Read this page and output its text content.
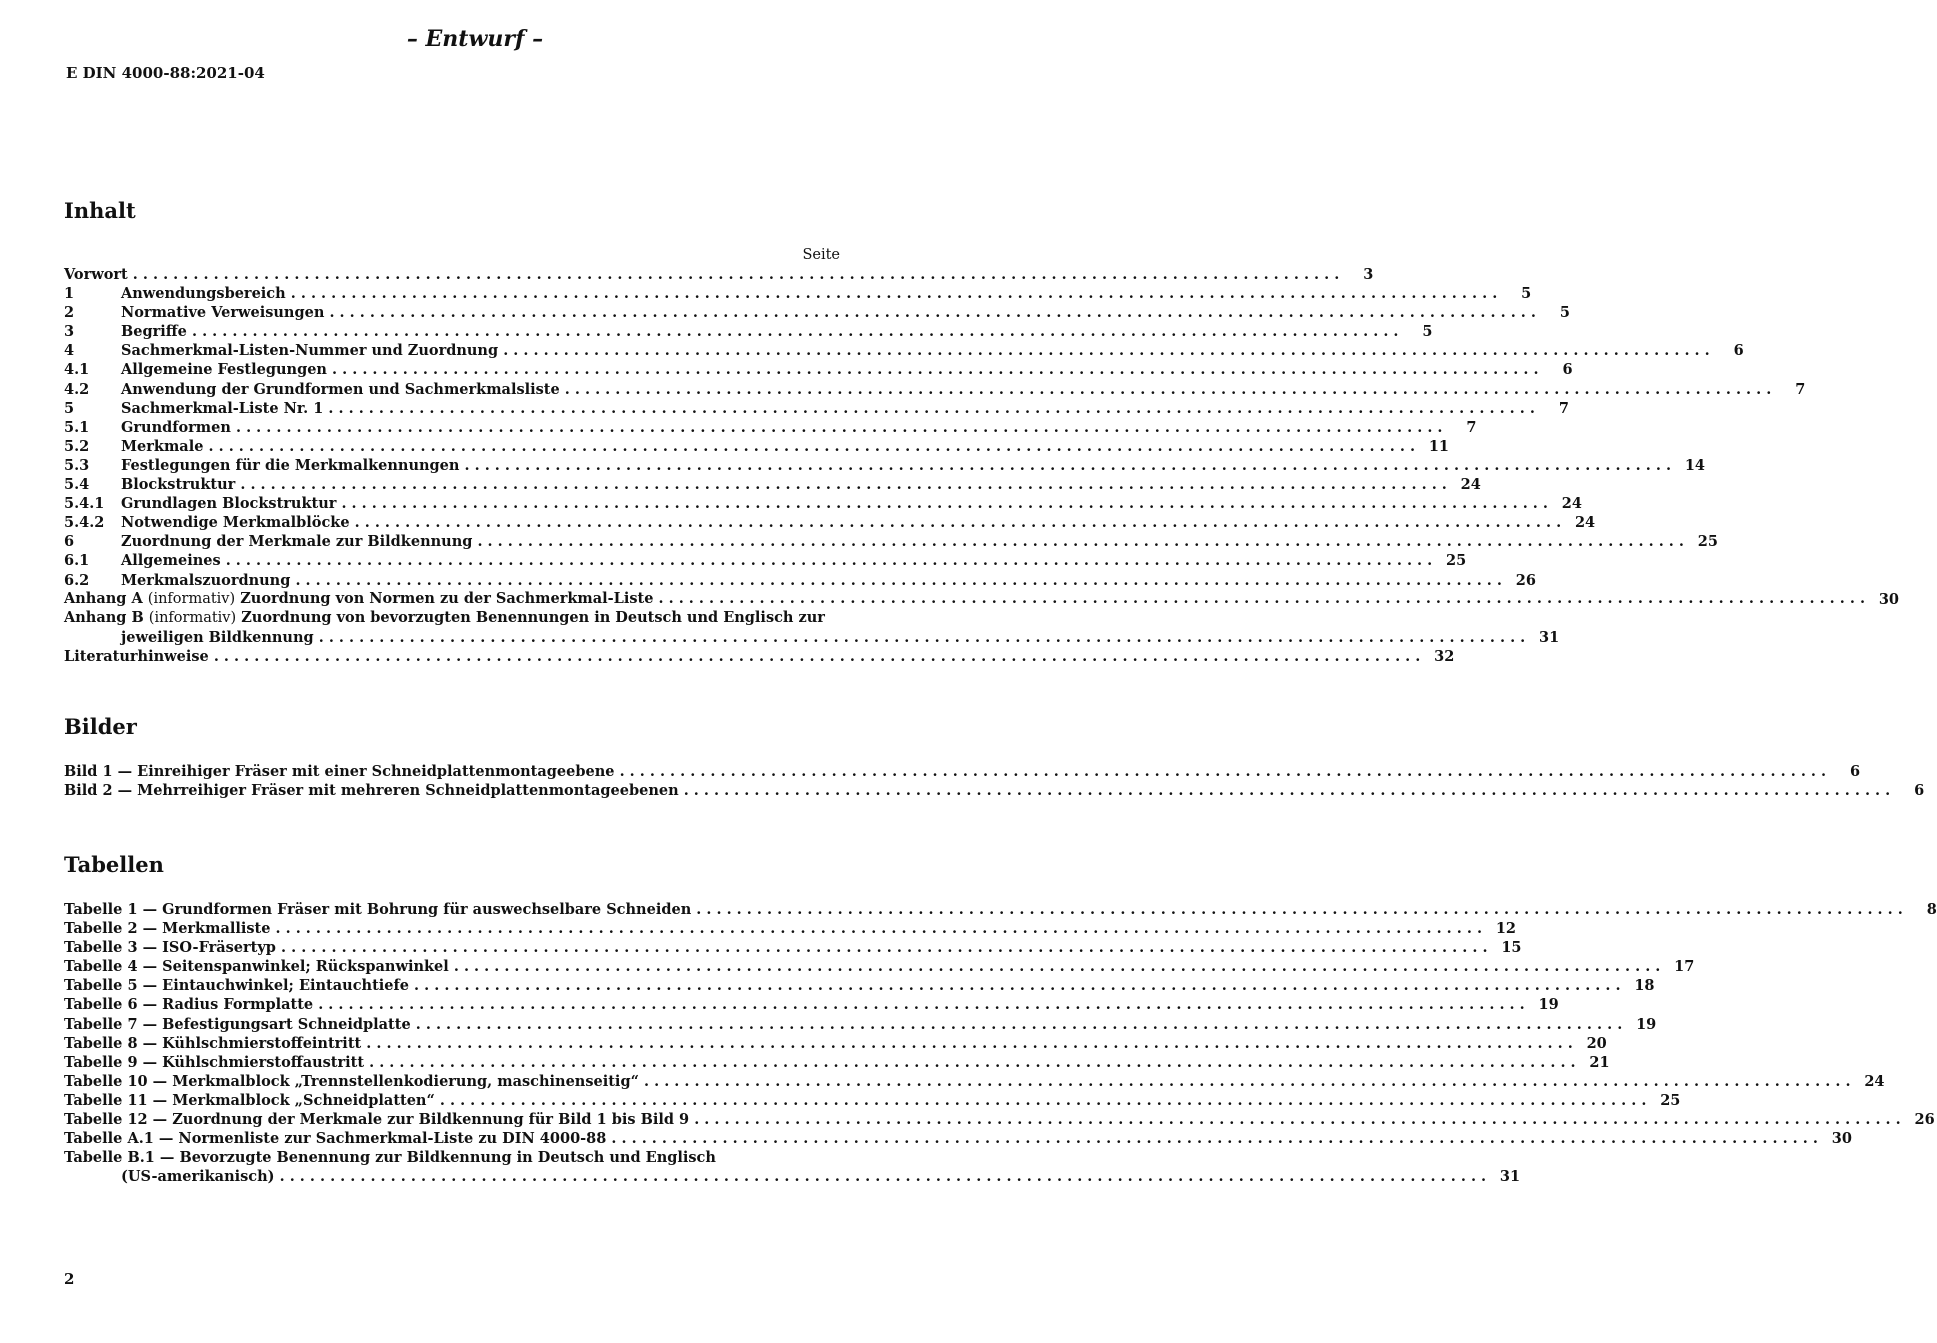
– Entwurf –
E DIN 4000-88:2021-04
Inhalt
Seite
Vorwort . . . . . . . . . . . . . . . . . . . . . . . . . . . . . . . . . . . . . . . . . . . . . . . . . . . . . . . . . . . . . . . . . . . . . . . . . . . . . . . . . . . . . . . . . . . . . . . . . . . . . . . . . . . . . . . . . . . . . . . .	3
1	Anwendungsbereich . . . . . . . . . . . . . . . . . . . . . . . . . . . . . . . . . . . . . . . . . . . . . . . . . . . . . . . . . . . . . . . . . . . . . . . . . . . . . . . . . . . . . . . . . . . . . . . . . . . . . . . . . . . . . . . . . . . . . . . .	5
2	Normative Verweisungen . . . . . . . . . . . . . . . . . . . . . . . . . . . . . . . . . . . . . . . . . . . . . . . . . . . . . . . . . . . . . . . . . . . . . . . . . . . . . . . . . . . . . . . . . . . . . . . . . . . . . . . . . . . . . . . . . . . . . . . .	5
3	Begriffe . . . . . . . . . . . . . . . . . . . . . . . . . . . . . . . . . . . . . . . . . . . . . . . . . . . . . . . . . . . . . . . . . . . . . . . . . . . . . . . . . . . . . . . . . . . . . . . . . . . . . . . . . . . . . . . . . . . . . . . .	5
4	Sachmerkmal-Listen-Nummer und Zuordnung . . . . . . . . . . . . . . . . . . . . . . . . . . . . . . . . . . . . . . . . . . . . . . . . . . . . . . . . . . . . . . . . . . . . . . . . . . . . . . . . . . . . . . . . . . . . . . . . . . . . . . . . . . . . . . . . . . . . . . . .	6
4.1 Allgemeine Festlegungen . . . . . . . . . . . . . . . . . . . . . . . . . . . . . . . . . . . . . . . . . . . . . . . . . . . . . . . . . . . . . . . . . . . . . . . . . . . . . . . . . . . . . . . . . . . . . . . . . . . . . . . . . . . . . . . . . . . . . . . .	6
4.2 Anwendung der Grundformen und Sachmerkmalsliste . . . . . . . . . . . . . . . . . . . . . . . . . . . . . . . . . . . . . . . . . . . . . . . . . . . . . . . . . . . . . . . . . . . . . . . . . . . . . . . . . . . . . . . . . . . . . . . . . . . . . . . . . . . . . . . . . . . . . . . .	7
5	Sachmerkmal-Liste Nr. 1 . . . . . . . . . . . . . . . . . . . . . . . . . . . . . . . . . . . . . . . . . . . . . . . . . . . . . . . . . . . . . . . . . . . . . . . . . . . . . . . . . . . . . . . . . . . . . . . . . . . . . . . . . . . . . . . . . . . . . . . .	7
5.1 Grundformen . . . . . . . . . . . . . . . . . . . . . . . . . . . . . . . . . . . . . . . . . . . . . . . . . . . . . . . . . . . . . . . . . . . . . . . . . . . . . . . . . . . . . . . . . . . . . . . . . . . . . . . . . . . . . . . . . . . . . . . .	7
5.2 Merkmale . . . . . . . . . . . . . . . . . . . . . . . . . . . . . . . . . . . . . . . . . . . . . . . . . . . . . . . . . . . . . . . . . . . . . . . . . . . . . . . . . . . . . . . . . . . . . . . . . . . . . . . . . . . . . . . . . . . . . . . . 11
5.3 Festlegungen für die Merkmalkennungen . . . . . . . . . . . . . . . . . . . . . . . . . . . . . . . . . . . . . . . . . . . . . . . . . . . . . . . . . . . . . . . . . . . . . . . . . . . . . . . . . . . . . . . . . . . . . . . . . . . . . . . . . . . . . . . . . . . . . . . . 14
5.4 Blockstruktur . . . . . . . . . . . . . . . . . . . . . . . . . . . . . . . . . . . . . . . . . . . . . . . . . . . . . . . . . . . . . . . . . . . . . . . . . . . . . . . . . . . . . . . . . . . . . . . . . . . . . . . . . . . . . . . . . . . . . . . . 24
5.4.1 Grundlagen Blockstruktur . . . . . . . . . . . . . . . . . . . . . . . . . . . . . . . . . . . . . . . . . . . . . . . . . . . . . . . . . . . . . . . . . . . . . . . . . . . . . . . . . . . . . . . . . . . . . . . . . . . . . . . . . . . . . . . . . . . . . . . . 24
5.4.2 Notwendige Merkmalblöcke . . . . . . . . . . . . . . . . . . . . . . . . . . . . . . . . . . . . . . . . . . . . . . . . . . . . . . . . . . . . . . . . . . . . . . . . . . . . . . . . . . . . . . . . . . . . . . . . . . . . . . . . . . . . . . . . . . . . . . . . 24
6	Zuordnung der Merkmale zur Bildkennung . . . . . . . . . . . . . . . . . . . . . . . . . . . . . . . . . . . . . . . . . . . . . . . . . . . . . . . . . . . . . . . . . . . . . . . . . . . . . . . . . . . . . . . . . . . . . . . . . . . . . . . . . . . . . . . . . . . . . . . . 25
6.1 Allgemeines . . . . . . . . . . . . . . . . . . . . . . . . . . . . . . . . . . . . . . . . . . . . . . . . . . . . . . . . . . . . . . . . . . . . . . . . . . . . . . . . . . . . . . . . . . . . . . . . . . . . . . . . . . . . . . . . . . . . . . . . 25
6.2 Merkmalszuordnung . . . . . . . . . . . . . . . . . . . . . . . . . . . . . . . . . . . . . . . . . . . . . . . . . . . . . . . . . . . . . . . . . . . . . . . . . . . . . . . . . . . . . . . . . . . . . . . . . . . . . . . . . . . . . . . . . . . . . . . . 26
Anhang A (informativ) Zuordnung von Normen zu der Sachmerkmal-Liste . . . . . . . . . . . . . . . . . . . . . . . . . . . . . . . . . . . . . . . . . . . . . . . . . . . . . . . . . . . . . . . . . . . . . . . . . . . . . . . . . . . . . . . . . . . . . . . . . . . . . . . . . . . . . . . . . . . . . . . . 30
Anhang B (informativ) Zuordnung von bevorzugten Benennungen in Deutsch und Englisch zur
jeweiligen Bildkennung . . . . . . . . . . . . . . . . . . . . . . . . . . . . . . . . . . . . . . . . . . . . . . . . . . . . . . . . . . . . . . . . . . . . . . . . . . . . . . . . . . . . . . . . . . . . . . . . . . . . . . . . . . . . . . . . . . . . . . . . 31
Literaturhinweise . . . . . . . . . . . . . . . . . . . . . . . . . . . . . . . . . . . . . . . . . . . . . . . . . . . . . . . . . . . . . . . . . . . . . . . . . . . . . . . . . . . . . . . . . . . . . . . . . . . . . . . . . . . . . . . . . . . . . . . . 32
Bilder
Bild 1 — Einreihiger Fräser mit einer Schneidplattenmontageebene . . . . . . . . . . . . . . . . . . . . . . . . . . . . . . . . . . . . . . . . . . . . . . . . . . . . . . . . . . . . . . . . . . . . . . . . . . . . . . . . . . . . . . . . . . . . . . . . . . . . . . . . . . . . . . . . . . . . . . . .	6
Bild 2 — Mehrreihiger Fräser mit mehreren Schneidplattenmontageebenen . . . . . . . . . . . . . . . . . . . . . . . . . . . . . . . . . . . . . . . . . . . . . . . . . . . . . . . . . . . . . . . . . . . . . . . . . . . . . . . . . . . . . . . . . . . . . . . . . . . . . . . . . . . . . . . . . . . . . . . .	6
Tabellen
Tabelle 1 — Grundformen Fräser mit Bohrung für auswechselbare Schneiden . . . . . . . . . . . . . . . . . . . . . . . . . . . . . . . . . . . . . . . . . . . . . . . . . . . . . . . . . . . . . . . . . . . . . . . . . . . . . . . . . . . . . . . . . . . . . . . . . . . . . . . . . . . . . . . . . . . . . . . .	8
Tabelle 2 — Merkmalliste . . . . . . . . . . . . . . . . . . . . . . . . . . . . . . . . . . . . . . . . . . . . . . . . . . . . . . . . . . . . . . . . . . . . . . . . . . . . . . . . . . . . . . . . . . . . . . . . . . . . . . . . . . . . . . . . . . . . . . . . 12
Tabelle 3 — ISO-Fräsertyp . . . . . . . . . . . . . . . . . . . . . . . . . . . . . . . . . . . . . . . . . . . . . . . . . . . . . . . . . . . . . . . . . . . . . . . . . . . . . . . . . . . . . . . . . . . . . . . . . . . . . . . . . . . . . . . . . . . . . . . . 15
Tabelle 4 — Seitenspanwinkel; Rückspanwinkel . . . . . . . . . . . . . . . . . . . . . . . . . . . . . . . . . . . . . . . . . . . . . . . . . . . . . . . . . . . . . . . . . . . . . . . . . . . . . . . . . . . . . . . . . . . . . . . . . . . . . . . . . . . . . . . . . . . . . . . . 17
Tabelle 5 — Eintauchwinkel; Eintauchtiefe . . . . . . . . . . . . . . . . . . . . . . . . . . . . . . . . . . . . . . . . . . . . . . . . . . . . . . . . . . . . . . . . . . . . . . . . . . . . . . . . . . . . . . . . . . . . . . . . . . . . . . . . . . . . . . . . . . . . . . . . 18
Tabelle 6 — Radius Formplatte . . . . . . . . . . . . . . . . . . . . . . . . . . . . . . . . . . . . . . . . . . . . . . . . . . . . . . . . . . . . . . . . . . . . . . . . . . . . . . . . . . . . . . . . . . . . . . . . . . . . . . . . . . . . . . . . . . . . . . . . 19
Tabelle 7 — Befestigungsart Schneidplatte . . . . . . . . . . . . . . . . . . . . . . . . . . . . . . . . . . . . . . . . . . . . . . . . . . . . . . . . . . . . . . . . . . . . . . . . . . . . . . . . . . . . . . . . . . . . . . . . . . . . . . . . . . . . . . . . . . . . . . . . 19
Tabelle 8 — Kühlschmierstoffeintritt . . . . . . . . . . . . . . . . . . . . . . . . . . . . . . . . . . . . . . . . . . . . . . . . . . . . . . . . . . . . . . . . . . . . . . . . . . . . . . . . . . . . . . . . . . . . . . . . . . . . . . . . . . . . . . . . . . . . . . . . 20
Tabelle 9 — Kühlschmierstoffaustritt . . . . . . . . . . . . . . . . . . . . . . . . . . . . . . . . . . . . . . . . . . . . . . . . . . . . . . . . . . . . . . . . . . . . . . . . . . . . . . . . . . . . . . . . . . . . . . . . . . . . . . . . . . . . . . . . . . . . . . . . 21
Tabelle 10 — Merkmalblock „Trennstellenkodierung, maschinenseitig“ . . . . . . . . . . . . . . . . . . . . . . . . . . . . . . . . . . . . . . . . . . . . . . . . . . . . . . . . . . . . . . . . . . . . . . . . . . . . . . . . . . . . . . . . . . . . . . . . . . . . . . . . . . . . . . . . . . . . . . . . 24
Tabelle 11 — Merkmalblock „Schneidplatten“ . . . . . . . . . . . . . . . . . . . . . . . . . . . . . . . . . . . . . . . . . . . . . . . . . . . . . . . . . . . . . . . . . . . . . . . . . . . . . . . . . . . . . . . . . . . . . . . . . . . . . . . . . . . . . . . . . . . . . . . . 25
Tabelle 12 — Zuordnung der Merkmale zur Bildkennung für Bild 1 bis Bild 9 . . . . . . . . . . . . . . . . . . . . . . . . . . . . . . . . . . . . . . . . . . . . . . . . . . . . . . . . . . . . . . . . . . . . . . . . . . . . . . . . . . . . . . . . . . . . . . . . . . . . . . . . . . . . . . . . . . . . . . . . 26
Tabelle A.1 — Normenliste zur Sachmerkmal-Liste zu DIN 4000-88 . . . . . . . . . . . . . . . . . . . . . . . . . . . . . . . . . . . . . . . . . . . . . . . . . . . . . . . . . . . . . . . . . . . . . . . . . . . . . . . . . . . . . . . . . . . . . . . . . . . . . . . . . . . . . . . . . . . . . . . . 30
Tabelle B.1 — Bevorzugte Benennung zur Bildkennung in Deutsch und Englisch
(US-amerikanisch) . . . . . . . . . . . . . . . . . . . . . . . . . . . . . . . . . . . . . . . . . . . . . . . . . . . . . . . . . . . . . . . . . . . . . . . . . . . . . . . . . . . . . . . . . . . . . . . . . . . . . . . . . . . . . . . . . . . . . . . . 31
2
